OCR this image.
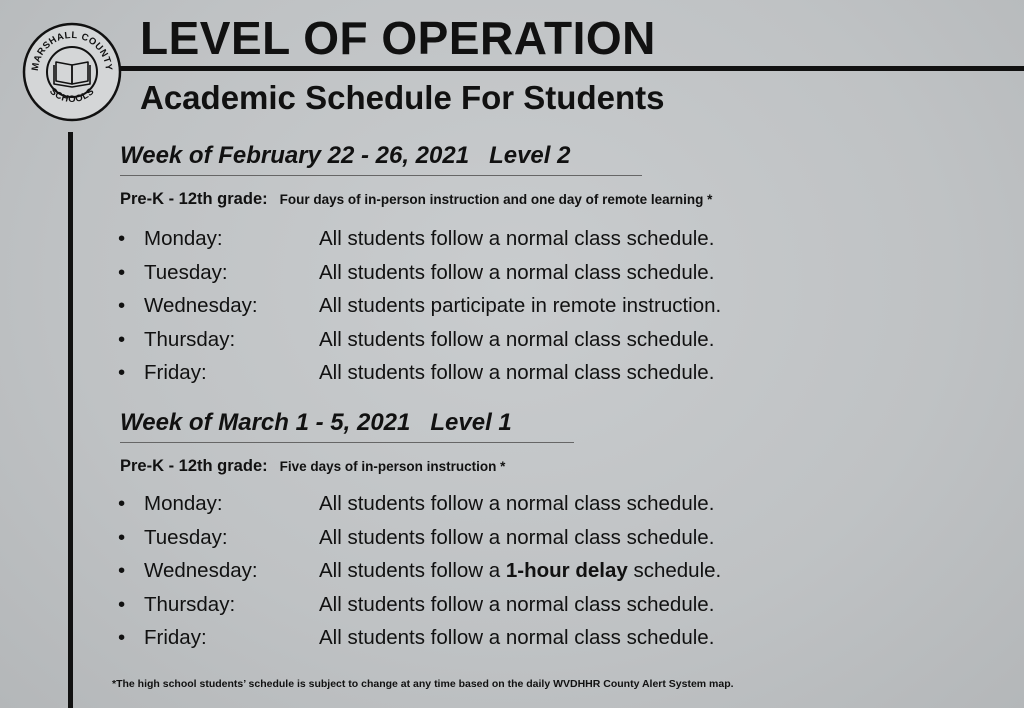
MARSHALL COUNTY
SCHOOLS
LEVEL OF OPERATION
Academic Schedule For Students
Week of February 22 - 26, 2021 Level 2
Pre-K - 12th grade: Four days of in-person instruction and one day of remote learning *
• Monday:	All students follow a normal class schedule.
• Tuesday:	All students follow a normal class schedule.
• Wednesday:	All students participate in remote instruction.
• Thursday:	All students follow a normal class schedule.
• Friday:	All students follow a normal class schedule.
Week of March 1 - 5, 2021 Level 1
Pre-K - 12th grade: Five days of in-person instruction *
• Monday:	All students follow a normal class schedule.
• Tuesday:	All students follow a normal class schedule.
• Wednesday:	All students follow a 1-hour delay schedule.
• Thursday:	All students follow a normal class schedule.
• Friday:	All students follow a normal class schedule.
*The high school students’ schedule is subject to change at any time based on the daily WVDHHR County Alert System map.
